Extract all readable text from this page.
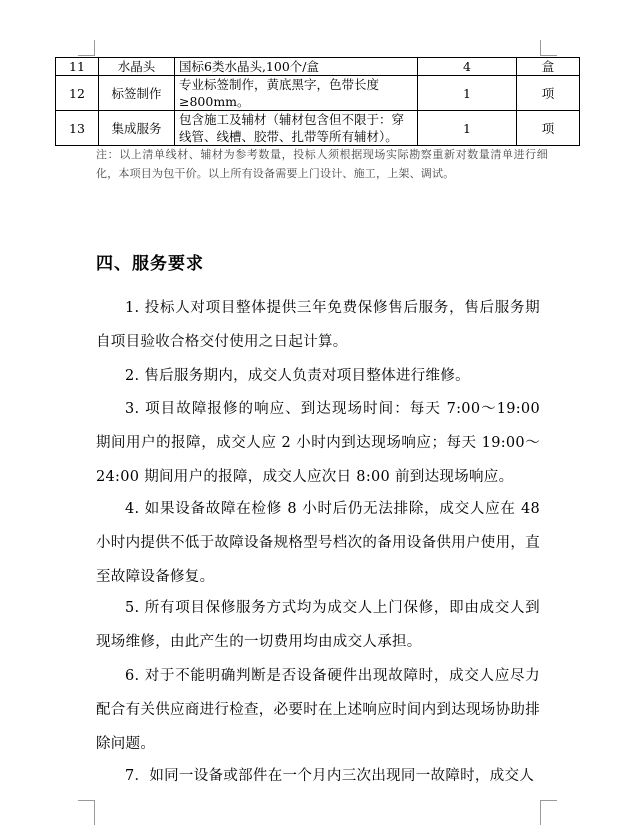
11	水晶头	国标6类水晶头,100个/盒	4	盒
12	标签制作	专业标签制作，黄底黑字，色带长度≥800mm。	1	项
13	集成服务	包含施工及辅材（辅材包含但不限于：穿线管、线槽、胶带、扎带等所有辅材）。	1	项
注：以上清单线材、辅材为参考数量，投标人须根据现场实际勘察重新对数量清单进行细化，本项目为包干价。以上所有设备需要上门设计、施工，上架、调试。
四、服务要求
1. 投标人对项目整体提供三年免费保修售后服务，售后服务期自项目验收合格交付使用之日起计算。
2. 售后服务期内，成交人负责对项目整体进行维修。
3. 项目故障报修的响应、到达现场时间：每天 7:00～19:00 期间用户的报障，成交人应 2 小时内到达现场响应；每天 19:00～24:00 期间用户的报障，成交人应次日 8:00 前到达现场响应。
4. 如果设备故障在检修 8 小时后仍无法排除，成交人应在 48 小时内提供不低于故障设备规格型号档次的备用设备供用户使用，直至故障设备修复。
5. 所有项目保修服务方式均为成交人上门保修，即由成交人到现场维修，由此产生的一切费用均由成交人承担。
6. 对于不能明确判断是否设备硬件出现故障时，成交人应尽力配合有关供应商进行检查，必要时在上述响应时间内到达现场协助排除问题。
7．如同一设备或部件在一个月内三次出现同一故障时，成交人
